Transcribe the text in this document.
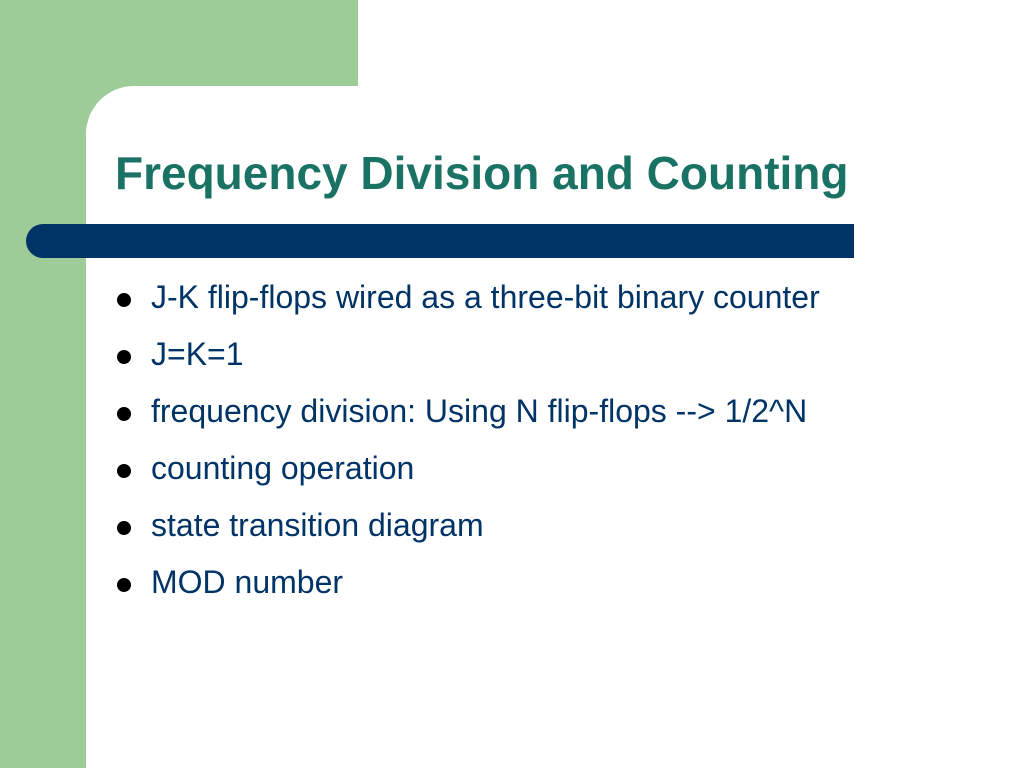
Frequency Division and Counting
J-K flip-flops wired as a three-bit binary counter
J=K=1
frequency division: Using N flip-flops --> 1/2^N
counting operation
state transition diagram
MOD number
